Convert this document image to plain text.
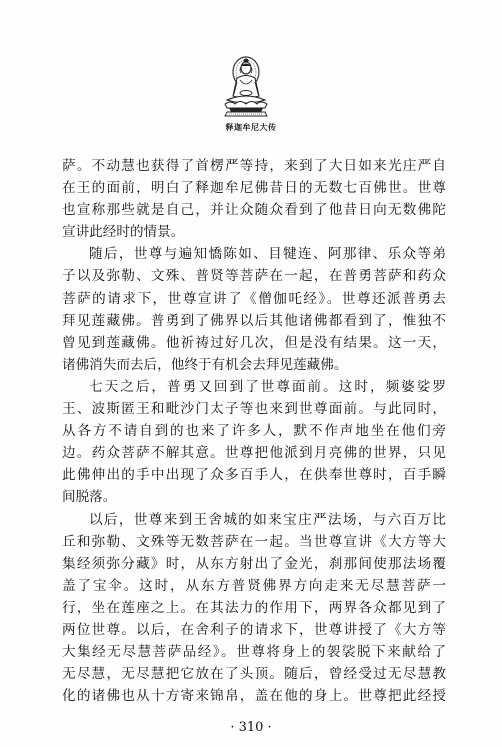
释迦牟尼大传
萨。不动慧也获得了首楞严等持，来到了大日如来光庄严自
在王的面前，明白了释迦牟尼佛昔日的无数七百佛世。世尊
也宣称那些就是自己，并让众随众看到了他昔日向无数佛陀
宣讲此经时的情景。
随后，世尊与遍知憍陈如、目犍连、阿那律、乐众等弟
子以及弥勒、文殊、普贤等菩萨在一起，在普勇菩萨和药众
菩萨的请求下，世尊宣讲了《僧伽吒经》。世尊还派普勇去
拜见莲藏佛。普勇到了佛界以后其他诸佛都看到了，惟独不
曾见到莲藏佛。他祈祷过好几次，但是没有结果。这一天，
诸佛消失而去后，他终于有机会去拜见莲藏佛。
七天之后，普勇又回到了世尊面前。这时，频婆娑罗
王、波斯匿王和毗沙门太子等也来到世尊面前。与此同时，
从各方不请自到的也来了许多人，默不作声地坐在他们旁
边。药众菩萨不解其意。世尊把他派到月亮佛的世界，只见
此佛伸出的手中出现了众多百手人，在供奉世尊时，百手瞬
间脱落。
以后，世尊来到王舍城的如来宝庄严法场，与六百万比
丘和弥勒、文殊等无数菩萨在一起。当世尊宣讲《大方等大
集经须弥分藏》时，从东方射出了金光，刹那间使那法场覆
盖了宝伞。这时，从东方普贤佛界方向走来无尽慧菩萨一
行，坐在莲座之上。在其法力的作用下，两界各众都见到了
两位世尊。以后，在舍利子的请求下，世尊讲授了《大方等
大集经无尽慧菩萨品经》。世尊将身上的袈裟脱下来献给了
无尽慧，无尽慧把它放在了头顶。随后，曾经受过无尽慧教
化的诸佛也从十方寄来锦帛，盖在他的身上。世尊把此经授
· 310 ·
